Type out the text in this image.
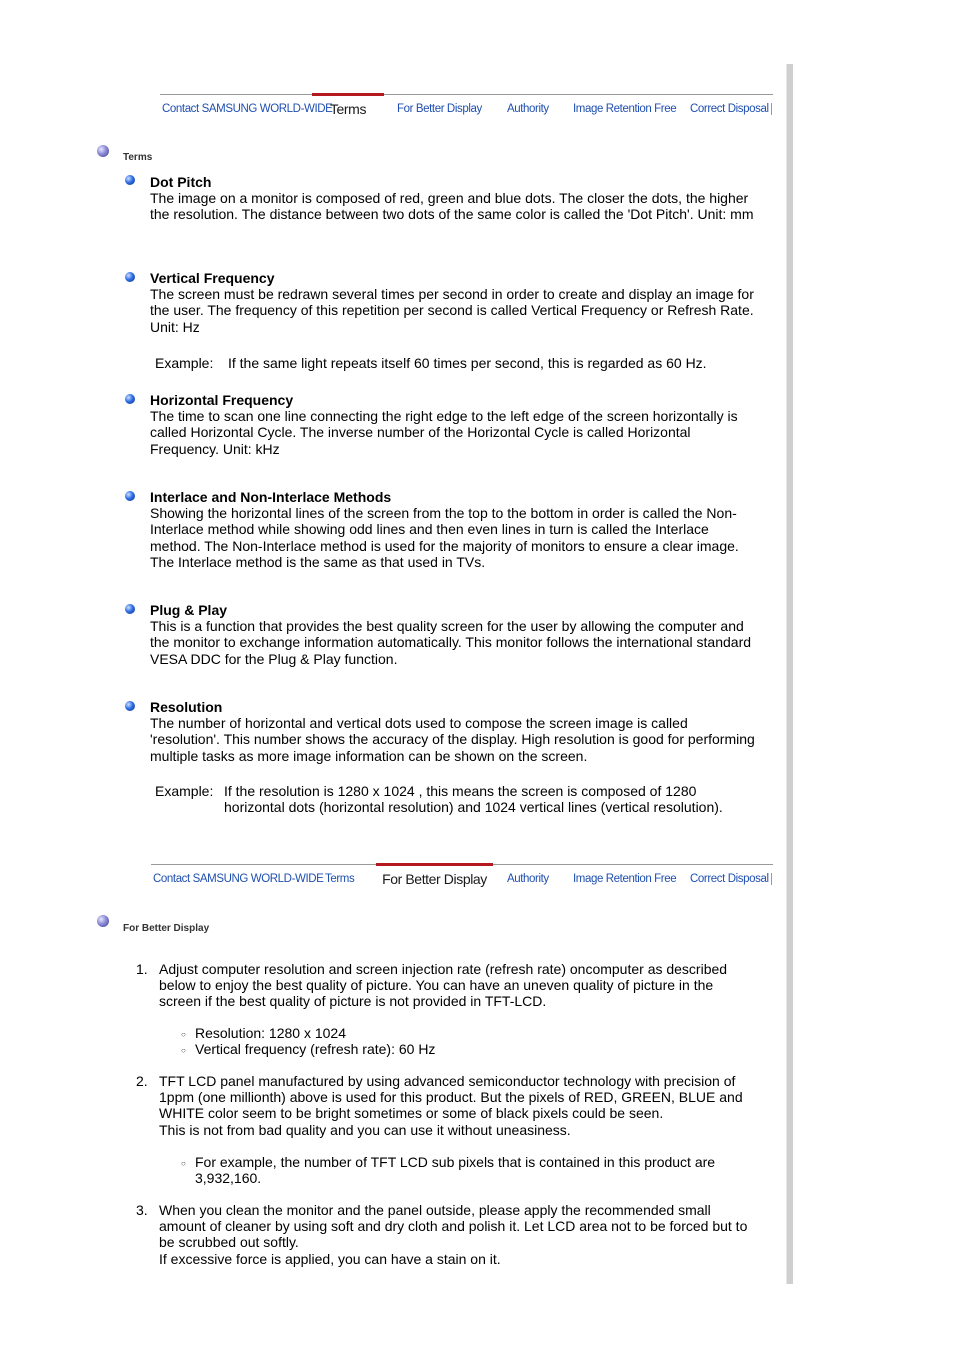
Contact SAMSUNG WORLD-WIDE
Terms	For Better Display Authority Image Retention Free Correct Disposal
Terms
Dot Pitch
The image on a monitor is composed of red, green and blue dots. The closer the dots, the higher the resolution. The distance between two dots of the same color is called the 'Dot Pitch'. Unit: mm
Vertical Frequency
The screen must be redrawn several times per second in order to create and display an image for the user. The frequency of this repetition per second is called Vertical Frequency or Refresh Rate. Unit: Hz
Example: If the same light repeats itself 60 times per second, this is regarded as 60 Hz.
Horizontal Frequency
The time to scan one line connecting the right edge to the left edge of the screen horizontally is called Horizontal Cycle. The inverse number of the Horizontal Cycle is called Horizontal Frequency. Unit: kHz
Interlace and Non-Interlace Methods
Showing the horizontal lines of the screen from the top to the bottom in order is called the Non-Interlace method while showing odd lines and then even lines in turn is called the Interlace method. The Non-Interlace method is used for the majority of monitors to ensure a clear image. The Interlace method is the same as that used in TVs.
Plug & Play
This is a function that provides the best quality screen for the user by allowing the computer and the monitor to exchange information automatically. This monitor follows the international standard VESA DDC for the Plug & Play function.
Resolution
The number of horizontal and vertical dots used to compose the screen image is called 'resolution'. This number shows the accuracy of the display. High resolution is good for performing multiple tasks as more image information can be shown on the screen.
Example: If the resolution is 1280 x 1024 , this means the screen is composed of 1280 horizontal dots (horizontal resolution) and 1024 vertical lines (vertical resolution).
Contact SAMSUNG WORLD-WIDE Terms	For Better Display	Authority Image Retention Free Correct Disposal
For Better Display
1. Adjust computer resolution and screen injection rate (refresh rate) oncomputer as described below to enjoy the best quality of picture. You can have an uneven quality of picture in the screen if the best quality of picture is not provided in TFT-LCD.
○ Resolution: 1280 x 1024
○ Vertical frequency (refresh rate): 60 Hz
2. TFT LCD panel manufactured by using advanced semiconductor technology with precision of 1ppm (one millionth) above is used for this product. But the pixels of RED, GREEN, BLUE and WHITE color seem to be bright sometimes or some of black pixels could be seen.
This is not from bad quality and you can use it without uneasiness.
○ For example, the number of TFT LCD sub pixels that is contained in this product are 3,932,160.
3. When you clean the monitor and the panel outside, please apply the recommended small amount of cleaner by using soft and dry cloth and polish it. Let LCD area not to be forced but to be scrubbed out softly.
If excessive force is applied, you can have a stain on it.
